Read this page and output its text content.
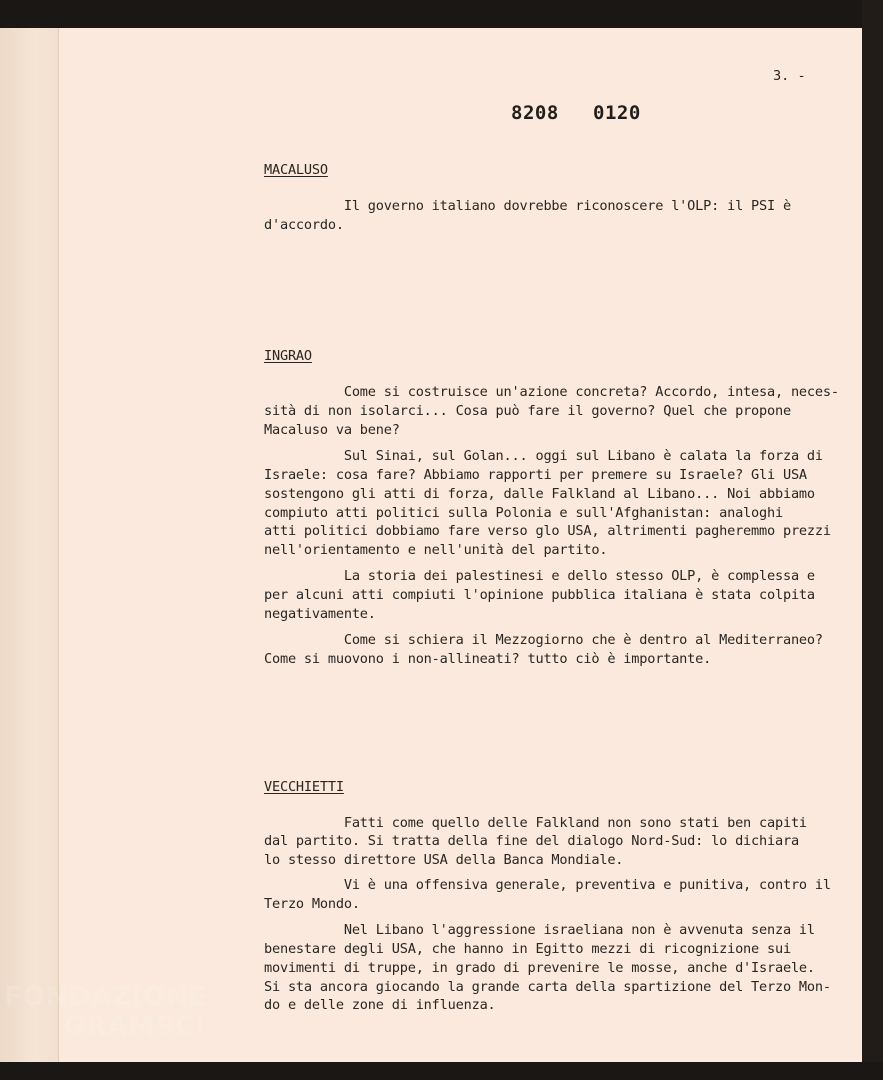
3. -
8208 0120
MACALUSO
Il governo italiano dovrebbe riconoscere l'OLP: il PSI è
d'accordo.
INGRAO
Come si costruisce un'azione concreta? Accordo, intesa, neces-
sità di non isolarci... Cosa può fare il governo? Quel che propone
Macaluso va bene?
Sul Sinai, sul Golan... oggi sul Libano è calata la forza di
Israele: cosa fare? Abbiamo rapporti per premere su Israele? Gli USA
sostengono gli atti di forza, dalle Falkland al Libano... Noi abbiamo
compiuto atti politici sulla Polonia e sull'Afghanistan: analoghi
atti politici dobbiamo fare verso glo USA, altrimenti pagheremmo prezzi
nell'orientamento e nell'unità del partito.
La storia dei palestinesi e dello stesso OLP, è complessa e
per alcuni atti compiuti l'opinione pubblica italiana è stata colpita
negativamente.
Come si schiera il Mezzogiorno che è dentro al Mediterraneo?
Come si muovono i non-allineati? tutto ciò è importante.
VECCHIETTI
Fatti come quello delle Falkland non sono stati ben capiti
dal partito. Si tratta della fine del dialogo Nord-Sud: lo dichiara
lo stesso direttore USA della Banca Mondiale.
Vi è una offensiva generale, preventiva e punitiva, contro il
Terzo Mondo.
Nel Libano l'aggressione israeliana non è avvenuta senza il
benestare degli USA, che hanno in Egitto mezzi di ricognizione sui
movimenti di truppe, in grado di prevenire le mosse, anche d'Israele.
Si sta ancora giocando la grande carta della spartizione del Terzo Mon-
do e delle zone di influenza.
FONDAZIONE
GRAMSCI
